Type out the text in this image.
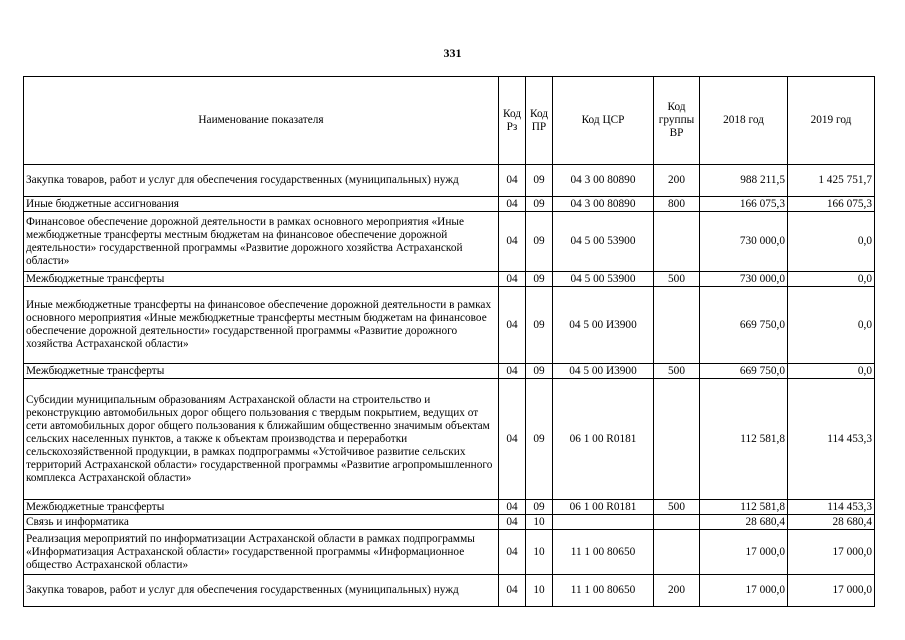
331
Наименование показателя	Код Рз	Код ПР	Код ЦСР	Код группы ВР	2018 год	2019 год
Закупка товаров, работ и услуг для обеспечения государственных (муниципальных) нужд	04	09	04 3 00 80890	200	988 211,5	1 425 751,7
Иные бюджетные ассигнования	04	09	04 3 00 80890	800	166 075,3	166 075,3
Финансовое обеспечение дорожной деятельности в рамках основного мероприятия «Иные межбюджетные трансферты местным бюджетам на финансовое обеспечение дорожной деятельности» государственной программы «Развитие дорожного хозяйства Астраханской области»	04	09	04 5 00 53900		730 000,0	0,0
Межбюджетные трансферты	04	09	04 5 00 53900	500	730 000,0	0,0
Иные межбюджетные трансферты на финансовое обеспечение дорожной деятельности в рамках основного мероприятия «Иные межбюджетные трансферты местным бюджетам на финансовое обеспечение дорожной деятельности» государственной программы «Развитие дорожного хозяйства Астраханской области»	04	09	04 5 00 И3900		669 750,0	0,0
Межбюджетные трансферты	04	09	04 5 00 И3900	500	669 750,0	0,0
Субсидии муниципальным образованиям Астраханской области на строительство и реконструкцию автомобильных дорог общего пользования с твердым покрытием, ведущих от сети автомобильных дорог общего пользования к ближайшим общественно значимым объектам сельских населенных пунктов, а также к объектам производства и переработки сельскохозяйственной продукции, в рамках подпрограммы «Устойчивое развитие сельских территорий Астраханской области» государственной программы «Развитие агропромышленного комплекса Астраханской области»	04	09	06 1 00 R0181		112 581,8	114 453,3
Межбюджетные трансферты	04	09	06 1 00 R0181	500	112 581,8	114 453,3
Связь и информатика	04	10			28 680,4	28 680,4
Реализация мероприятий по информатизации Астраханской области в рамках подпрограммы «Информатизация Астраханской области» государственной программы «Информационное общество Астраханской области»	04	10	11 1 00 80650		17 000,0	17 000,0
Закупка товаров, работ и услуг для обеспечения государственных (муниципальных) нужд	04	10	11 1 00 80650	200	17 000,0	17 000,0
